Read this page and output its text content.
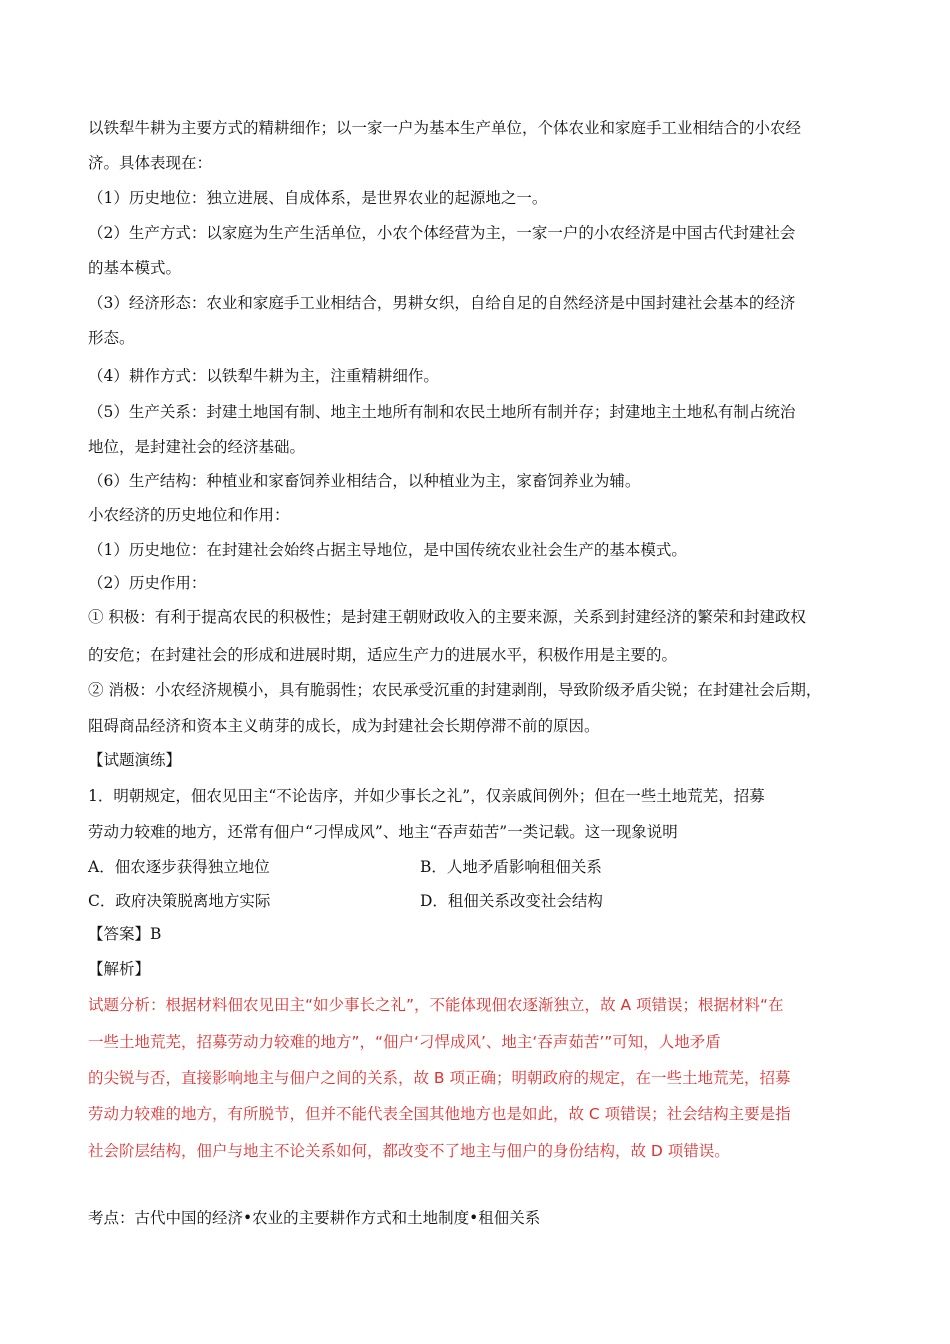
以铁犁牛耕为主要方式的精耕细作；以一家一户为基本生产单位，个体农业和家庭手工业相结合的小农经
济。具体表现在：
（1）历史地位：独立进展、自成体系，是世界农业的起源地之一。
（2）生产方式：以家庭为生产生活单位，小农个体经营为主，一家一户的小农经济是中国古代封建社会
的基本模式。
（3）经济形态：农业和家庭手工业相结合，男耕女织，自给自足的自然经济是中国封建社会基本的经济
形态。
（4）耕作方式：以铁犁牛耕为主，注重精耕细作。
（5）生产关系：封建土地国有制、地主土地所有制和农民土地所有制并存；封建地主土地私有制占统治
地位，是封建社会的经济基础。
（6）生产结构：种植业和家畜饲养业相结合，以种植业为主，家畜饲养业为辅。
小农经济的历史地位和作用：
（1）历史地位：在封建社会始终占据主导地位，是中国传统农业社会生产的基本模式。
（2）历史作用：
① 积极：有利于提高农民的积极性；是封建王朝财政收入的主要来源，关系到封建经济的繁荣和封建政权
的安危；在封建社会的形成和进展时期，适应生产力的进展水平，积极作用是主要的。
② 消极：小农经济规模小，具有脆弱性；农民承受沉重的封建剥削，导致阶级矛盾尖锐；在封建社会后期，
阻碍商品经济和资本主义萌芽的成长，成为封建社会长期停滞不前的原因。
【试题演练】
1．明朝规定，佃农见田主“不论齿序，并如少事长之礼”，仅亲戚间例外；但在一些土地荒芜，招募
劳动力较难的地方，还常有佃户“刁悍成风”、地主“吞声茹苦”一类记载。这一现象说明
A．佃农逐步获得独立地位	B．人地矛盾影响租佃关系
C．政府决策脱离地方实际	D．租佃关系改变社会结构
【答案】B
【解析】
试题分析：根据材料佃农见田主“如少事长之礼”，不能体现佃农逐渐独立，故 A 项错误；根据材料“在
一些土地荒芜，招募劳动力较难的地方”，“佃户‘刁悍成风’、地主‘吞声茹苦’”可知，人地矛盾
的尖锐与否，直接影响地主与佃户之间的关系，故 B 项正确；明朝政府的规定，在一些土地荒芜，招募
劳动力较难的地方，有所脱节，但并不能代表全国其他地方也是如此，故 C 项错误；社会结构主要是指
社会阶层结构，佃户与地主不论关系如何，都改变不了地主与佃户的身份结构，故 D 项错误。
考点：古代中国的经济•农业的主要耕作方式和土地制度•租佃关系
